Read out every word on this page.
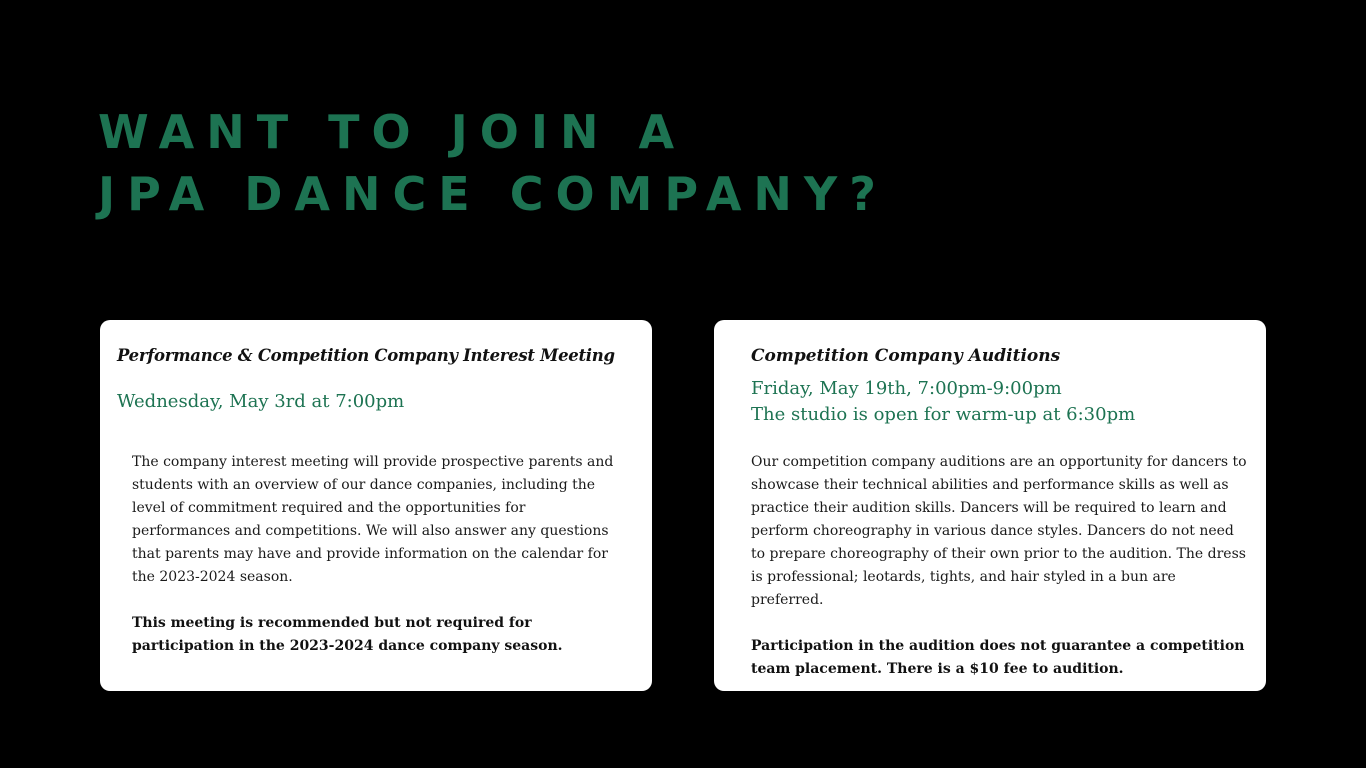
WANT TO JOIN A
JPA DANCE COMPANY?
Performance & Competition Company Interest Meeting

Wednesday, May 3rd at 7:00pm

The company interest meeting will provide prospective parents and students with an overview of our dance companies, including the level of commitment required and the opportunities for performances and competitions. We will also answer any questions that parents may have and provide information on the calendar for the 2023-2024 season.

This meeting is recommended but not required for participation in the 2023-2024 dance company season.

Competition Company Auditions
Friday, May 19th, 7:00pm-9:00pm
The studio is open for warm-up at 6:30pm

Our competition company auditions are an opportunity for dancers to showcase their technical abilities and performance skills as well as practice their audition skills. Dancers will be required to learn and perform choreography in various dance styles. Dancers do not need to prepare choreography of their own prior to the audition. The dress is professional; leotards, tights, and hair styled in a bun are preferred.

Participation in the audition does not guarantee a competition team placement. There is a $10 fee to audition.
